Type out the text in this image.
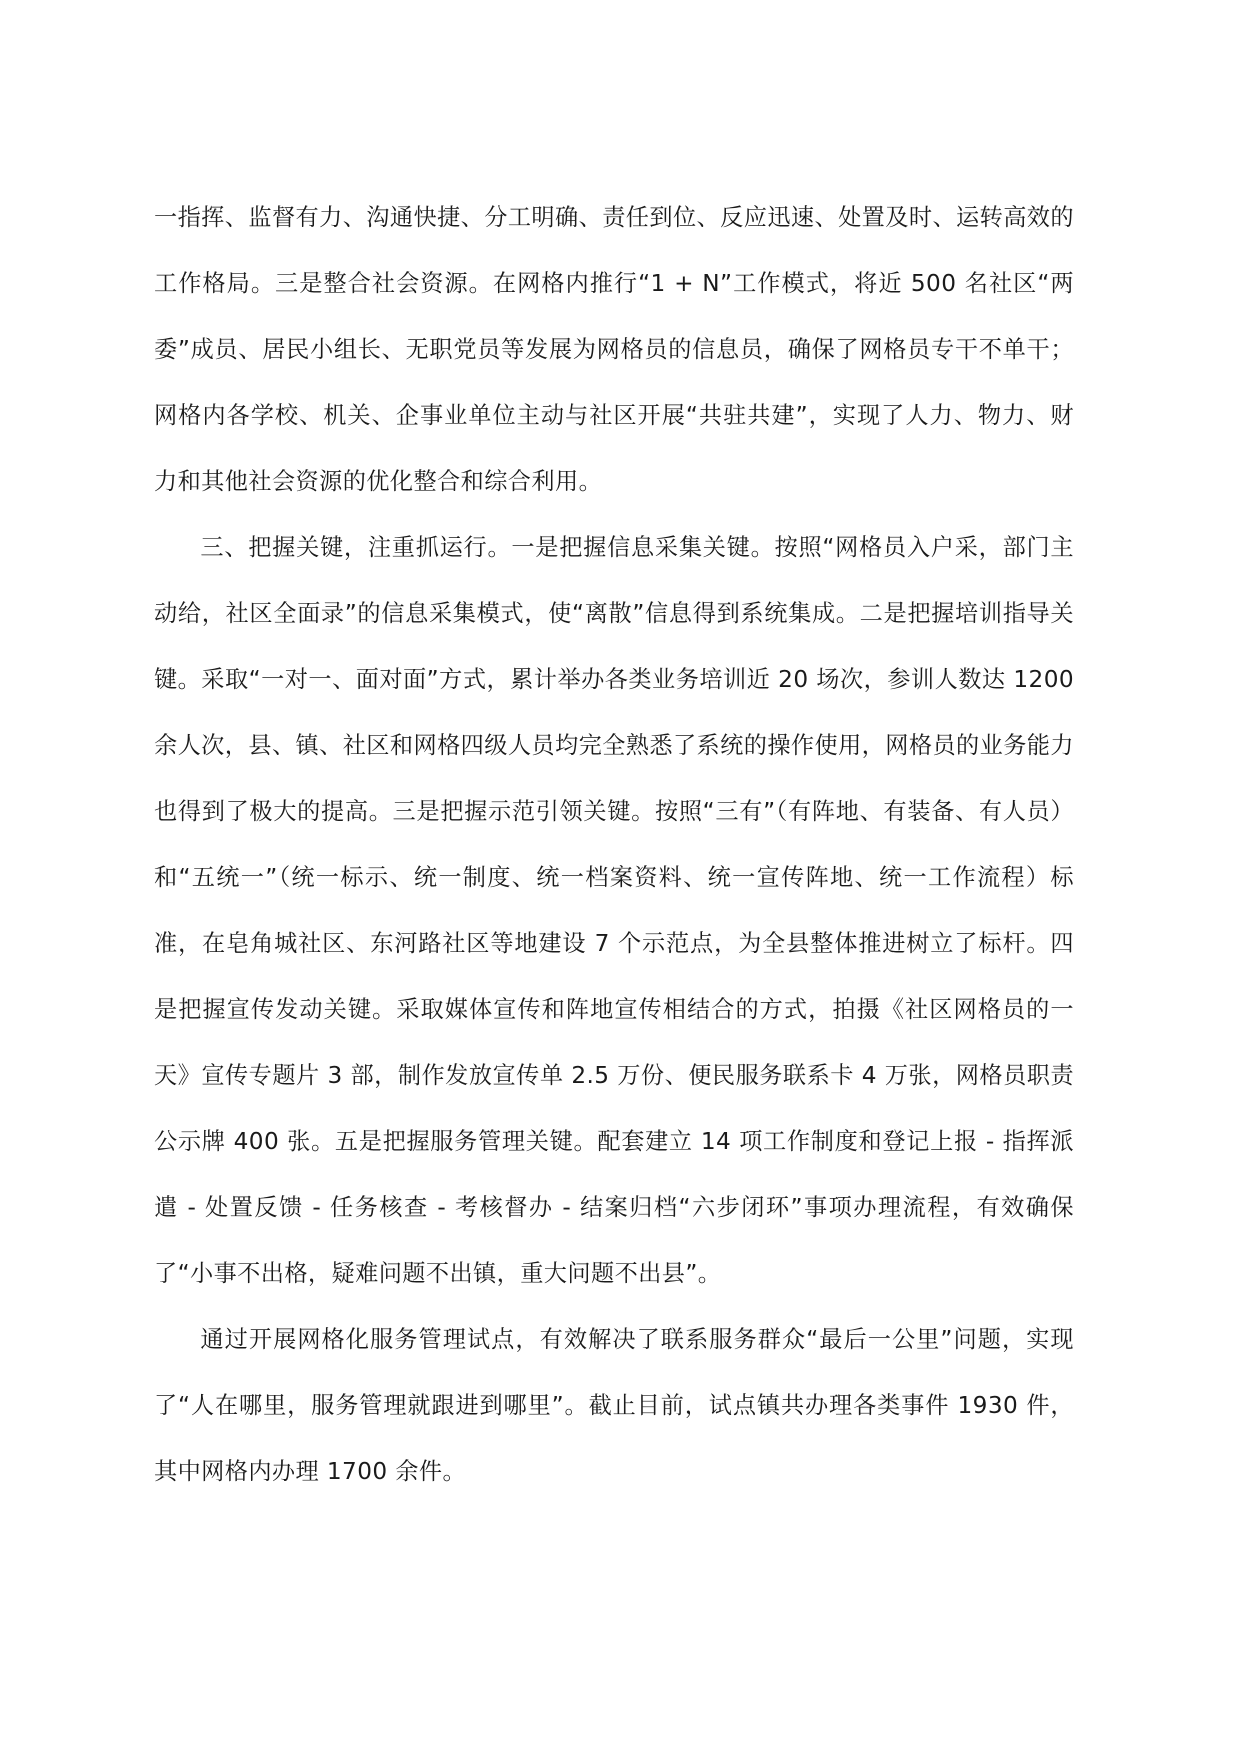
一指挥、监督有力、沟通快捷、分工明确、责任到位、反应迅速、处置及时、运转高效的工作格局。三是整合社会资源。在网格内推行“1 + N”工作模式，将近 500 名社区“两委”成员、居民小组长、无职党员等发展为网格员的信息员，确保了网格员专干不单干；网格内各学校、机关、企事业单位主动与社区开展“共驻共建”，实现了人力、物力、财力和其他社会资源的优化整合和综合利用。

三、把握关键，注重抓运行。一是把握信息采集关键。按照“网格员入户采，部门主动给，社区全面录”的信息采集模式，使“离散”信息得到系统集成。二是把握培训指导关键。采取“一对一、面对面”方式，累计举办各类业务培训近 20 场次，参训人数达 1200 余人次，县、镇、社区和网格四级人员均完全熟悉了系统的操作使用，网格员的业务能力也得到了极大的提高。三是把握示范引领关键。按照“三有”（有阵地、有装备、有人员）和“五统一”（统一标示、统一制度、统一档案资料、统一宣传阵地、统一工作流程）标准，在皂角城社区、东河路社区等地建设 7 个示范点，为全县整体推进树立了标杆。四是把握宣传发动关键。采取媒体宣传和阵地宣传相结合的方式，拍摄《社区网格员的一天》宣传专题片 3 部，制作发放宣传单 2.5 万份、便民服务联系卡 4 万张，网格员职责公示牌 400 张。五是把握服务管理关键。配套建立 14 项工作制度和登记上报 - 指挥派遣 - 处置反馈 - 任务核查 - 考核督办 - 结案归档“六步闭环”事项办理流程，有效确保了“小事不出格，疑难问题不出镇，重大问题不出县”。

通过开展网格化服务管理试点，有效解决了联系服务群众“最后一公里”问题，实现了“人在哪里，服务管理就跟进到哪里”。截止目前，试点镇共办理各类事件 1930 件，其中网格内办理 1700 余件。
